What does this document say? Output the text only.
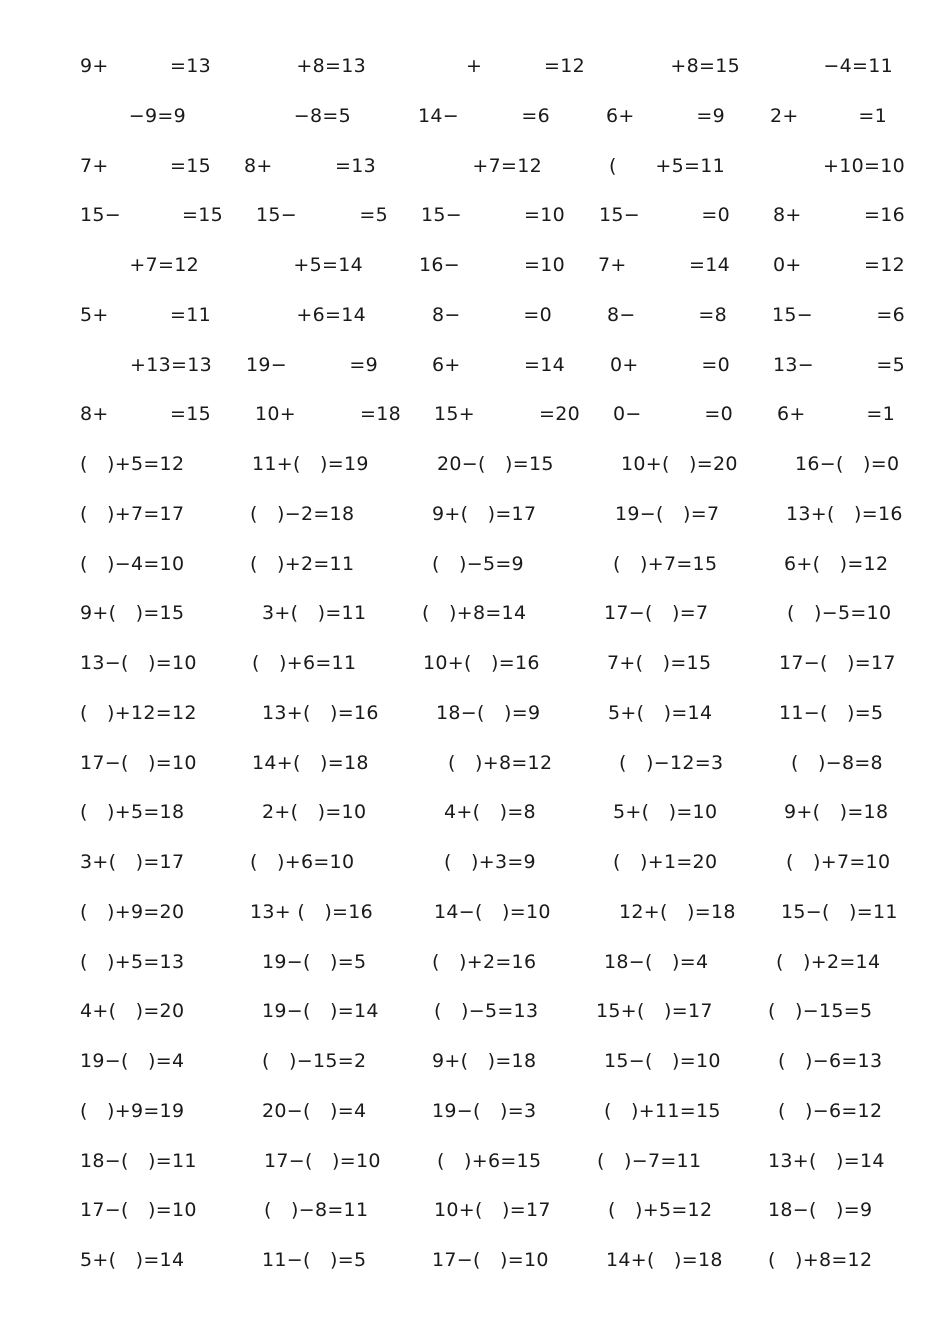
9+	=13	+8=13	+	=12	+8=15	−4=11
−9=9	−8=5	14−	=6	6+	=9 2+	=1
7+	=15 8+	=13	+7=12	( +5=11	+10=10
15−	=15 15−	=5 15−	=10 15−	=0 8+	=16
+7=12	+5=14	16−	=10 7+	=14 0+	=12
5+	=11	+6=14	8−	=0	8−	=8 15−	=6
+13=13 19−	=9	6+	=14 0+	=0 13−	=5
8+	=15 10+	=18 15+	=20 0−	=0 6+	=1
( )+5=12	11+( )=19	20−( )=15	10+( )=20	16−( )=0
( )+7=17	( )−2=18	9+( )=17	19−( )=7	13+( )=16
( )−4=10	( )+2=11	( )−5=9	( )+7=15	6+( )=12
9+( )=15	3+( )=11	( )+8=14	17−( )=7	( )−5=10
13−( )=10	( )+6=11	10+( )=16	7+( )=15	17−( )=17
( )+12=12	13+( )=16	18−( )=9	5+( )=14	11−( )=5
17−( )=10	14+( )=18	( )+8=12	( )−12=3	( )−8=8
( )+5=18	2+( )=10	4+( )=8	5+( )=10	9+( )=18
3+( )=17	( )+6=10	( )+3=9	( )+1=20	( )+7=10
( )+9=20	13+ ( )=16	14−( )=10	12+( )=18 15−( )=11
( )+5=13	19−( )=5	( )+2=16	18−( )=4	( )+2=14
4+( )=20	19−( )=14	( )−5=13	15+( )=17	( )−15=5
19−( )=4	( )−15=2	9+( )=18	15−( )=10	( )−6=13
( )+9=19	20−( )=4	19−( )=3	( )+11=15	( )−6=12
18−( )=11	17−( )=10	( )+6=15	( )−7=11	13+( )=14
17−( )=10	( )−8=11	10+( )=17	( )+5=12	18−( )=9
5+( )=14	11−( )=5	17−( )=10	14+( )=18 ( )+8=12
